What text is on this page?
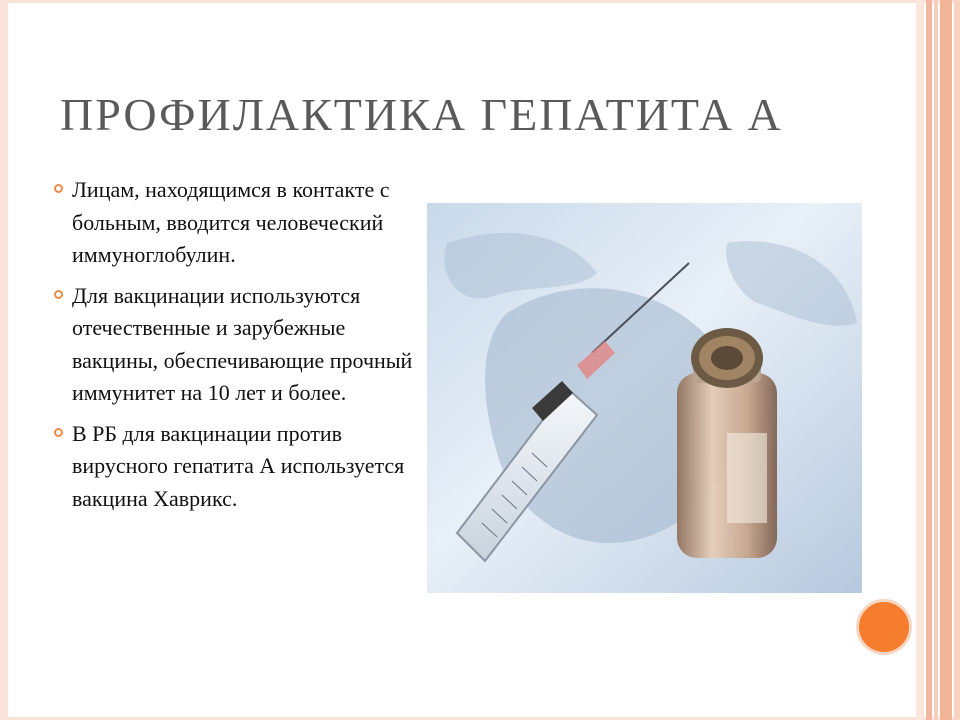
ПРОФИЛАКТИКА ГЕПАТИТА А
Лицам, находящимся в контакте с больным, вводится человеческий иммуноглобулин.
Для вакцинации используются отечественные и зарубежные вакцины, обеспечивающие прочный иммунитет на 10 лет и более.
В РБ для вакцинации против вирусного гепатита А используется вакцина Хаврикс.
